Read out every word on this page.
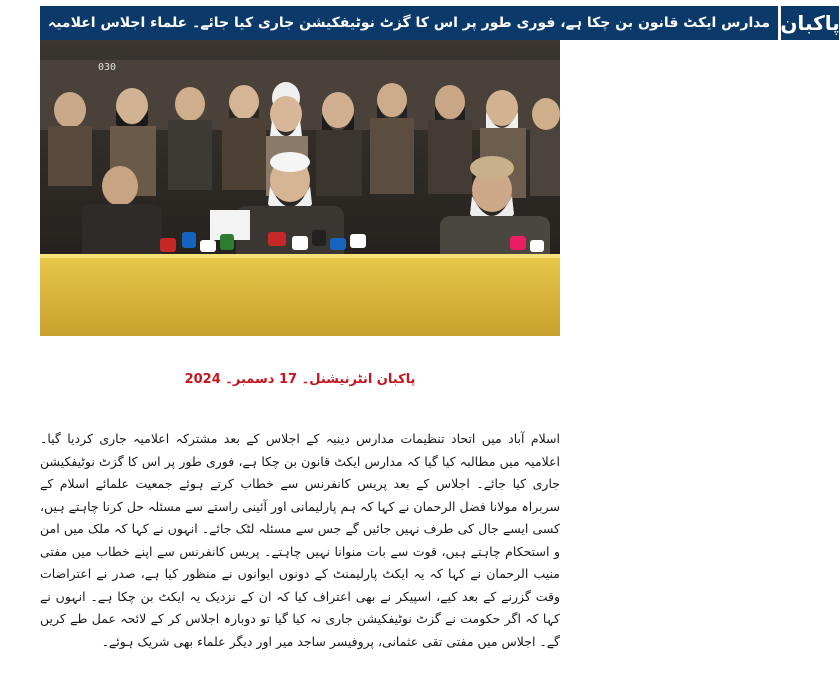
مدارس ایکٹ قانون بن چکا ہے، فوری طور پر اس کا گزٹ نوٹیفکیشن جاری کیا جائے۔ علماء اجلاس اعلامیہ پاکبان
030
پاکبان انٹرنیشنل۔ 17 دسمبر۔ 2024
اسلام آباد میں اتحاد تنظیمات مدارس دینیہ کے اجلاس کے بعد مشترکہ اعلامیہ جاری کردیا گیا۔ اعلامیہ میں مطالبہ کیا گیا کہ مدارس ایکٹ قانون بن چکا ہے، فوری طور پر اس کا گزٹ نوٹیفکیشن جاری کیا جائے۔ اجلاس کے بعد پریس کانفرنس سے خطاب کرتے ہوئے جمعیت علمائے اسلام کے سربراہ مولانا فضل الرحمان نے کہا کہ ہم پارلیمانی اور آئینی راستے سے مسئلہ حل کرنا چاہتے ہیں، کسی ایسے جال کی طرف نہیں جائیں گے جس سے مسئلہ لٹک جائے۔ انہوں نے کہا کہ ملک میں امن و استحکام چاہتے ہیں، قوت سے بات منوانا نہیں چاہتے۔ پریس کانفرنس سے اپنے خطاب میں مفتی منیب الرحمان نے کہا کہ یہ ایکٹ پارلیمنٹ کے دونوں ایوانوں نے منظور کیا ہے، صدر نے اعتراضات وقت گزرنے کے بعد کیے، اسپیکر نے بھی اعتراف کیا کہ ان کے نزدیک یہ ایکٹ بن چکا ہے۔ انہوں نے کہا کہ اگر حکومت نے گزٹ نوٹیفکیشن جاری نہ کیا گیا تو دوبارہ اجلاس کر کے لائحہ عمل طے کریں گے۔ اجلاس میں مفتی تقی عثمانی، پروفیسر ساجد میر اور دیگر علماء بھی شریک ہوئے۔
